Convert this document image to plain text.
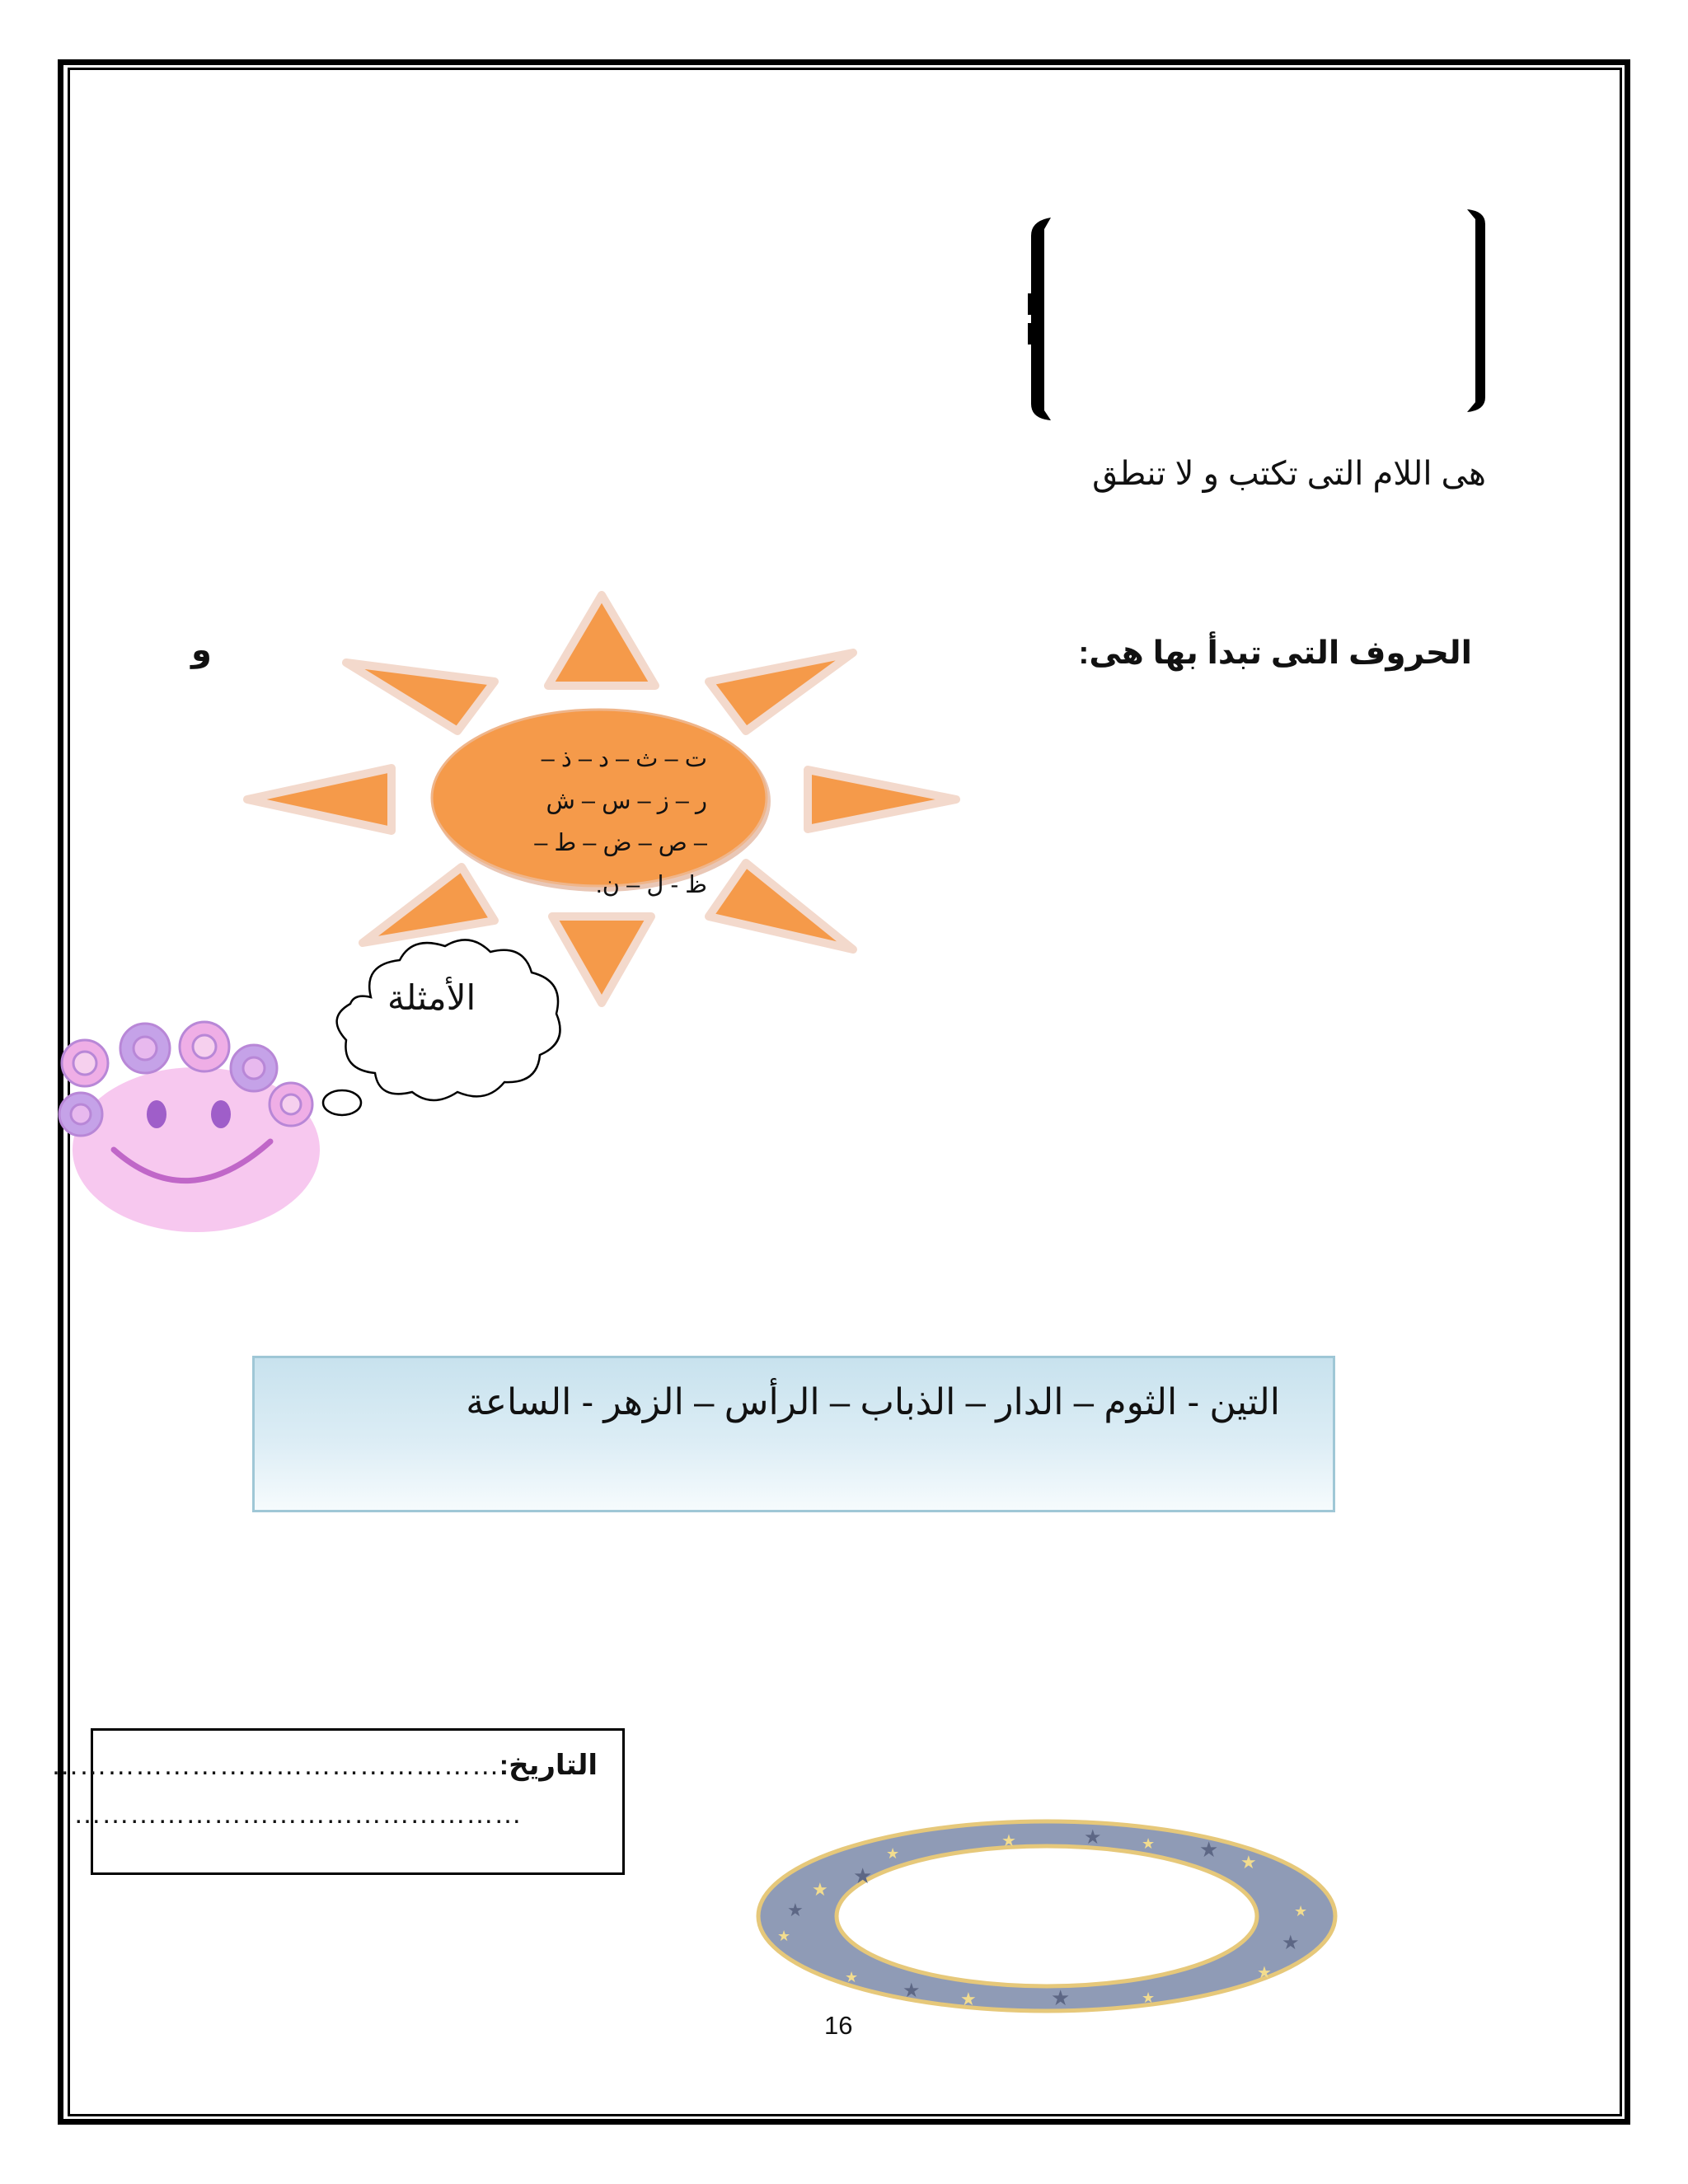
هى اللام التى تكتب و لا تنطق
الحروف التى تبدأ بها هى:
و
ت – ث – د – ذ –
ر – ز – س – ش
– ص – ض – ط –
ظ - ل – ن.
الأمثلة
التين - الثوم – الدار – الذباب – الرأس – الزهر - الساعة
التاريخ:…………………………………………
…………………………………………
★
★
★	★
★
★
★
★
★
★
★
★
★	★
★
★
★
★
16
